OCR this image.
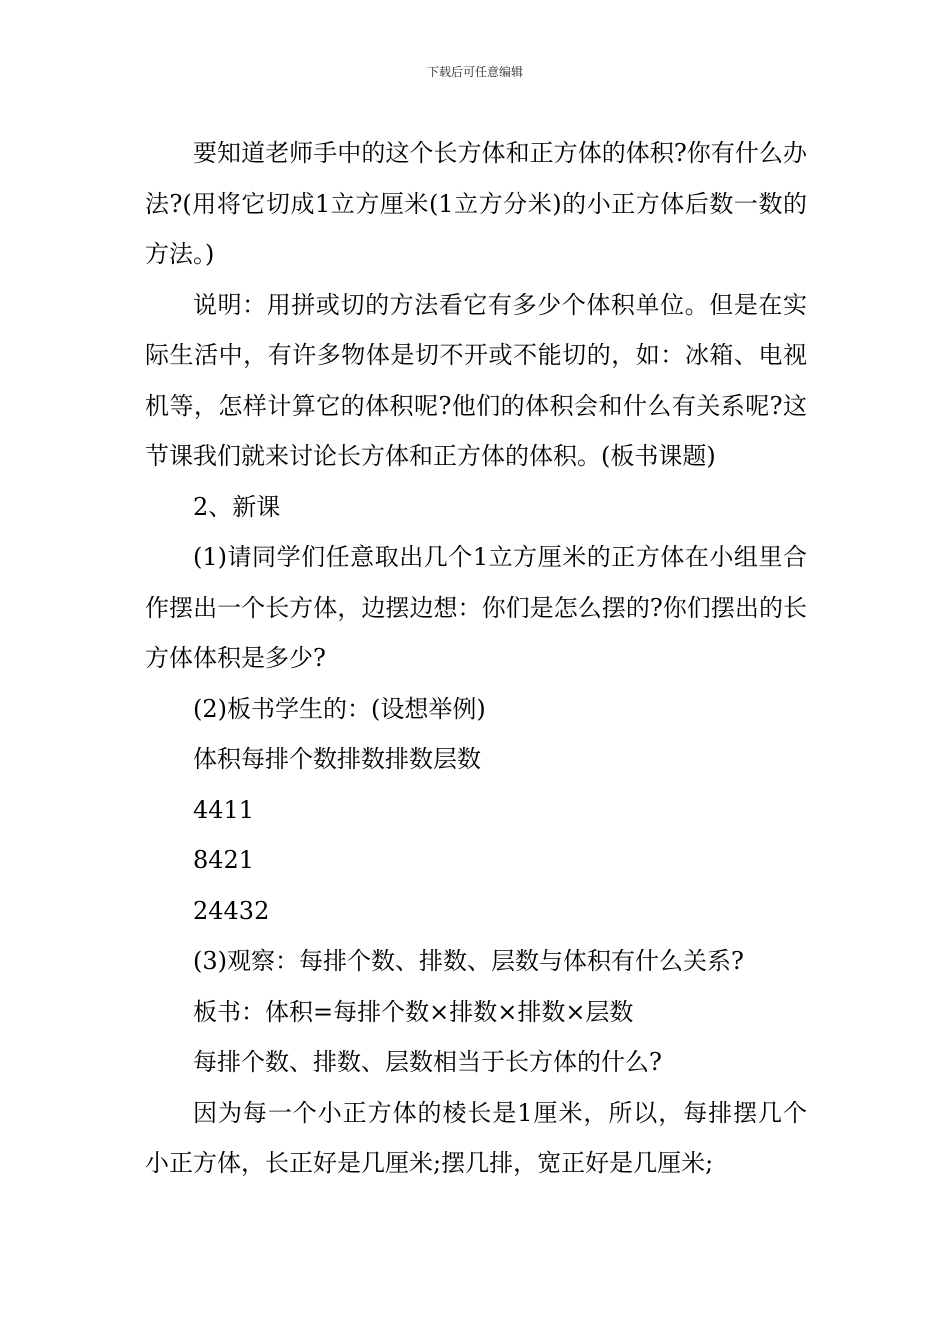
下载后可任意编辑

要知道老师手中的这个长方体和正方体的体积?你有什么办法?(用将它切成1立方厘米(1立方分米)的小正方体后数一数的方法。)

说明：用拼或切的方法看它有多少个体积单位。但是在实际生活中，有许多物体是切不开或不能切的，如：冰箱、电视机等，怎样计算它的体积呢?他们的体积会和什么有关系呢?这节课我们就来讨论长方体和正方体的体积。(板书课题)

2、新课

(1)请同学们任意取出几个1立方厘米的正方体在小组里合作摆出一个长方体，边摆边想：你们是怎么摆的?你们摆出的长方体体积是多少?

(2)板书学生的：(设想举例)

体积每排个数排数排数层数

4411

8421

24432

(3)观察：每排个数、排数、层数与体积有什么关系?

板书：体积=每排个数×排数×排数×层数

每排个数、排数、层数相当于长方体的什么?

因为每一个小正方体的棱长是1厘米，所以，每排摆几个小正方体，长正好是几厘米;摆几排，宽正好是几厘米;
